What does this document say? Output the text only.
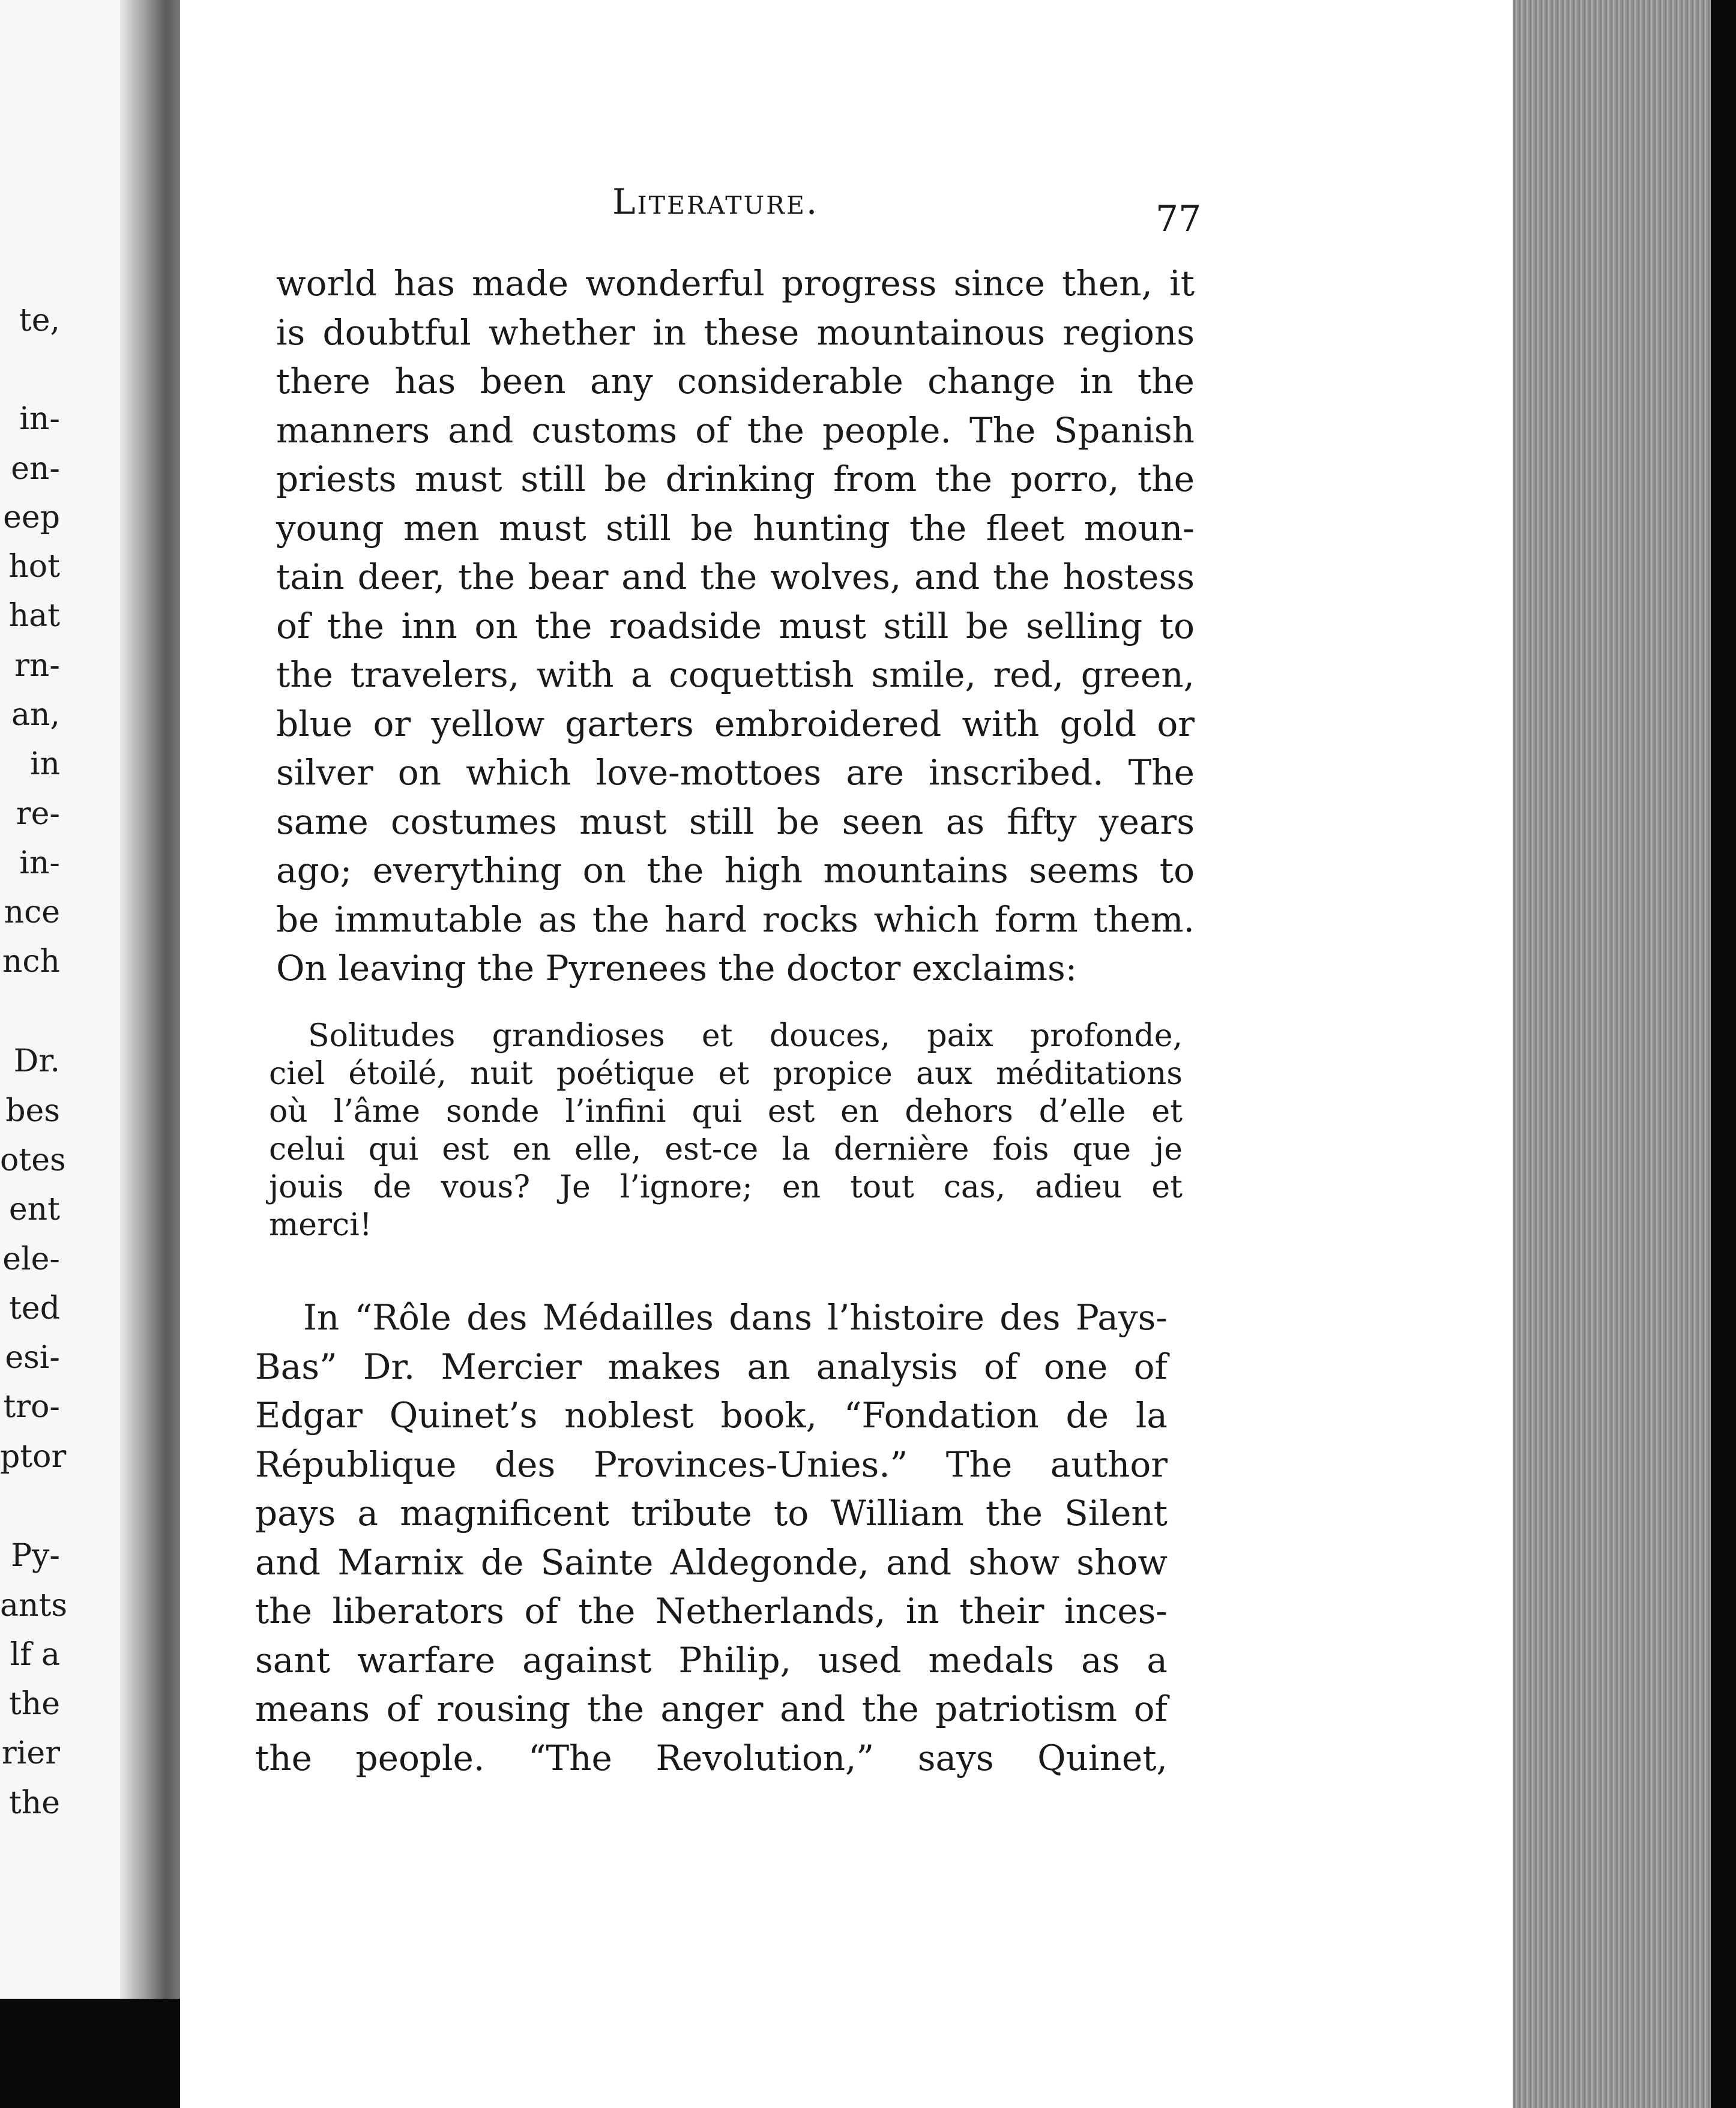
te,
in-
en-
eep
hot
hat
rn-
an,
in
re-
in-
nce
nch
Dr.
bes
otes
ent
ele-
ted
esi-
tro-
ptor
Py-
ants
lf a
the
rier
the
Literature.	77
world has made wonderful progress since then, it
is doubtful whether in these mountainous regions
there has been any considerable change in the
manners and customs of the people. The Spanish
priests must still be drinking from the porro, the
young men must still be hunting the fleet moun-
tain deer, the bear and the wolves, and the hostess
of the inn on the roadside must still be selling to
the travelers, with a coquettish smile, red, green,
blue or yellow garters embroidered with gold or
silver on which love-mottoes are inscribed. The
same costumes must still be seen as fifty years
ago; everything on the high mountains seems to
be immutable as the hard rocks which form them.
On leaving the Pyrenees the doctor exclaims:
Solitudes grandioses et douces, paix profonde,
ciel étoilé, nuit poétique et propice aux méditations
où l’âme sonde l’infini qui est en dehors d’elle et
celui qui est en elle, est-ce la dernière fois que je
jouis de vous? Je l’ignore; en tout cas, adieu et
merci!
In “Rôle des Médailles dans l’histoire des Pays-
Bas” Dr. Mercier makes an analysis of one of
Edgar Quinet’s noblest book, “Fondation de la
République des Provinces-Unies.” The author
pays a magnificent tribute to William the Silent
and Marnix de Sainte Aldegonde, and show show
the liberators of the Netherlands, in their inces-
sant warfare against Philip, used medals as a
means of rousing the anger and the patriotism of
the people. “The Revolution,” says Quinet,
